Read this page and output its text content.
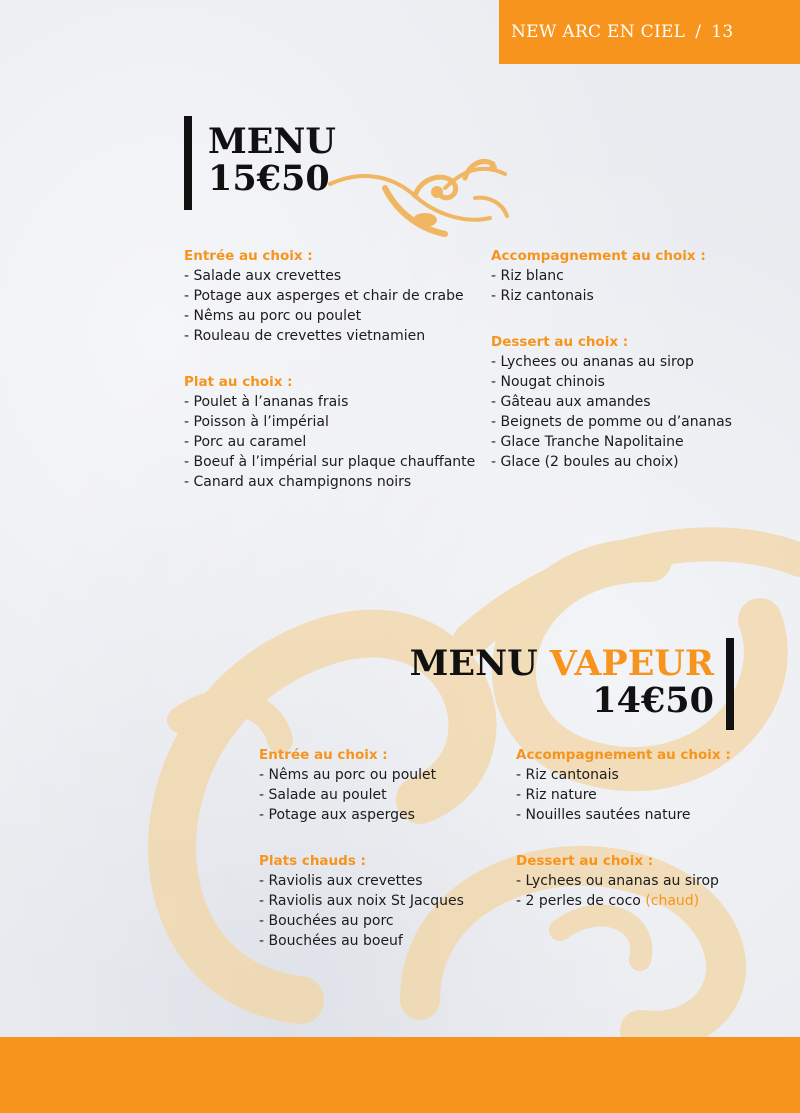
NEW ARC EN CIEL / 13
MENU
15€50
Entrée au choix :
- Salade aux crevettes
- Potage aux asperges et chair de crabe
- Nêms au porc ou poulet
- Rouleau de crevettes vietnamien
Plat au choix :
- Poulet à l’ananas frais
- Poisson à l’impérial
- Porc au caramel
- Boeuf à l’impérial sur plaque chauffante
- Canard aux champignons noirs
Accompagnement au choix :
- Riz blanc
- Riz cantonais
Dessert au choix :
- Lychees ou ananas au sirop
- Nougat chinois
- Gâteau aux amandes
- Beignets de pomme ou d’ananas
- Glace Tranche Napolitaine
- Glace (2 boules au choix)
MENU VAPEUR
14€50
Entrée au choix :
- Nêms au porc ou poulet
- Salade au poulet
- Potage aux asperges
Plats chauds :
- Raviolis aux crevettes
- Raviolis aux noix St Jacques
- Bouchées au porc
- Bouchées au boeuf
Accompagnement au choix :
- Riz cantonais
- Riz nature
- Nouilles sautées nature
Dessert au choix :
- Lychees ou ananas au sirop
- 2 perles de coco (chaud)
